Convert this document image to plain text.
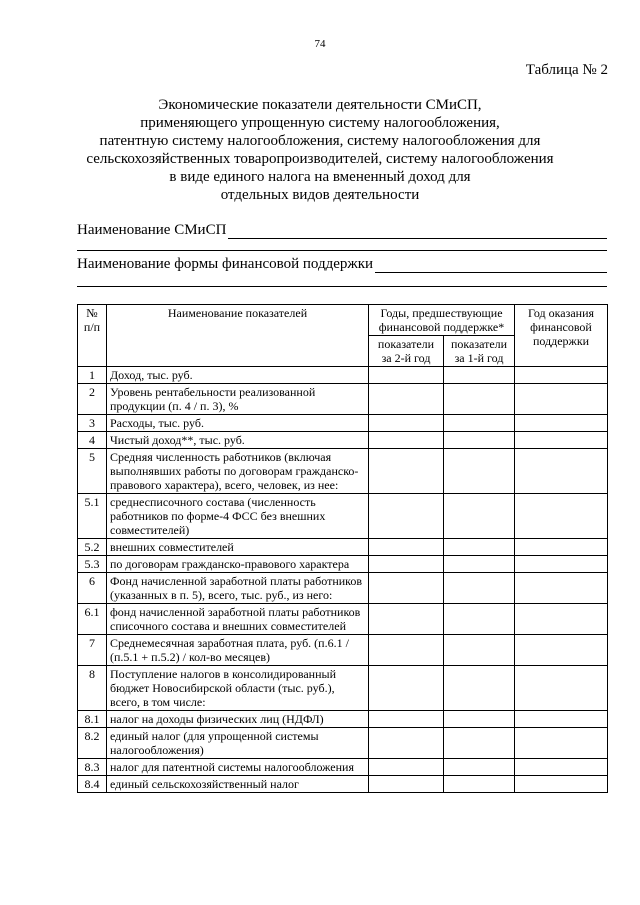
74
Таблица № 2
Экономические показатели деятельности СМиСП,
применяющего упрощенную систему налогообложения,
патентную систему налогообложения, систему налогообложения для
сельскохозяйственных товаропроизводителей, систему налогообложения
в виде единого налога на вмененный доход для
отдельных видов деятельности
Наименование СМиСП
Наименование формы финансовой поддержки
№ п/п	Наименование показателей	Годы, предшествующие финансовой поддержке*		Год оказания финансовой поддержки
		показатели за 2-й год	показатели за 1-й год	
1	Доход, тыс. руб.			
2	Уровень рентабельности реализованной продукции (п. 4 / п. 3), %			
3	Расходы, тыс. руб.			
4	Чистый доход**, тыс. руб.			
5	Средняя численность работников (включая выполнявших работы по договорам гражданско-правового характера), всего, человек, из нее:			
5.1	среднесписочного состава (численность работников по форме-4 ФСС без внешних совместителей)			
5.2	внешних совместителей			
5.3	по договорам гражданско-правового характера			
6	Фонд начисленной заработной платы работников (указанных в п. 5), всего, тыс. руб., из него:			
6.1	фонд начисленной заработной платы работников списочного состава и внешних совместителей			
7	Среднемесячная заработная плата, руб. (п.6.1 / (п.5.1 + п.5.2) / кол-во месяцев)			
8	Поступление налогов в консолидированный бюджет Новосибирской области (тыс. руб.), всего, в том числе:			
8.1	налог на доходы физических лиц (НДФЛ)			
8.2	единый налог (для упрощенной системы налогообложения)			
8.3	налог для патентной системы налогообложения			
8.4	единый сельскохозяйственный налог			
